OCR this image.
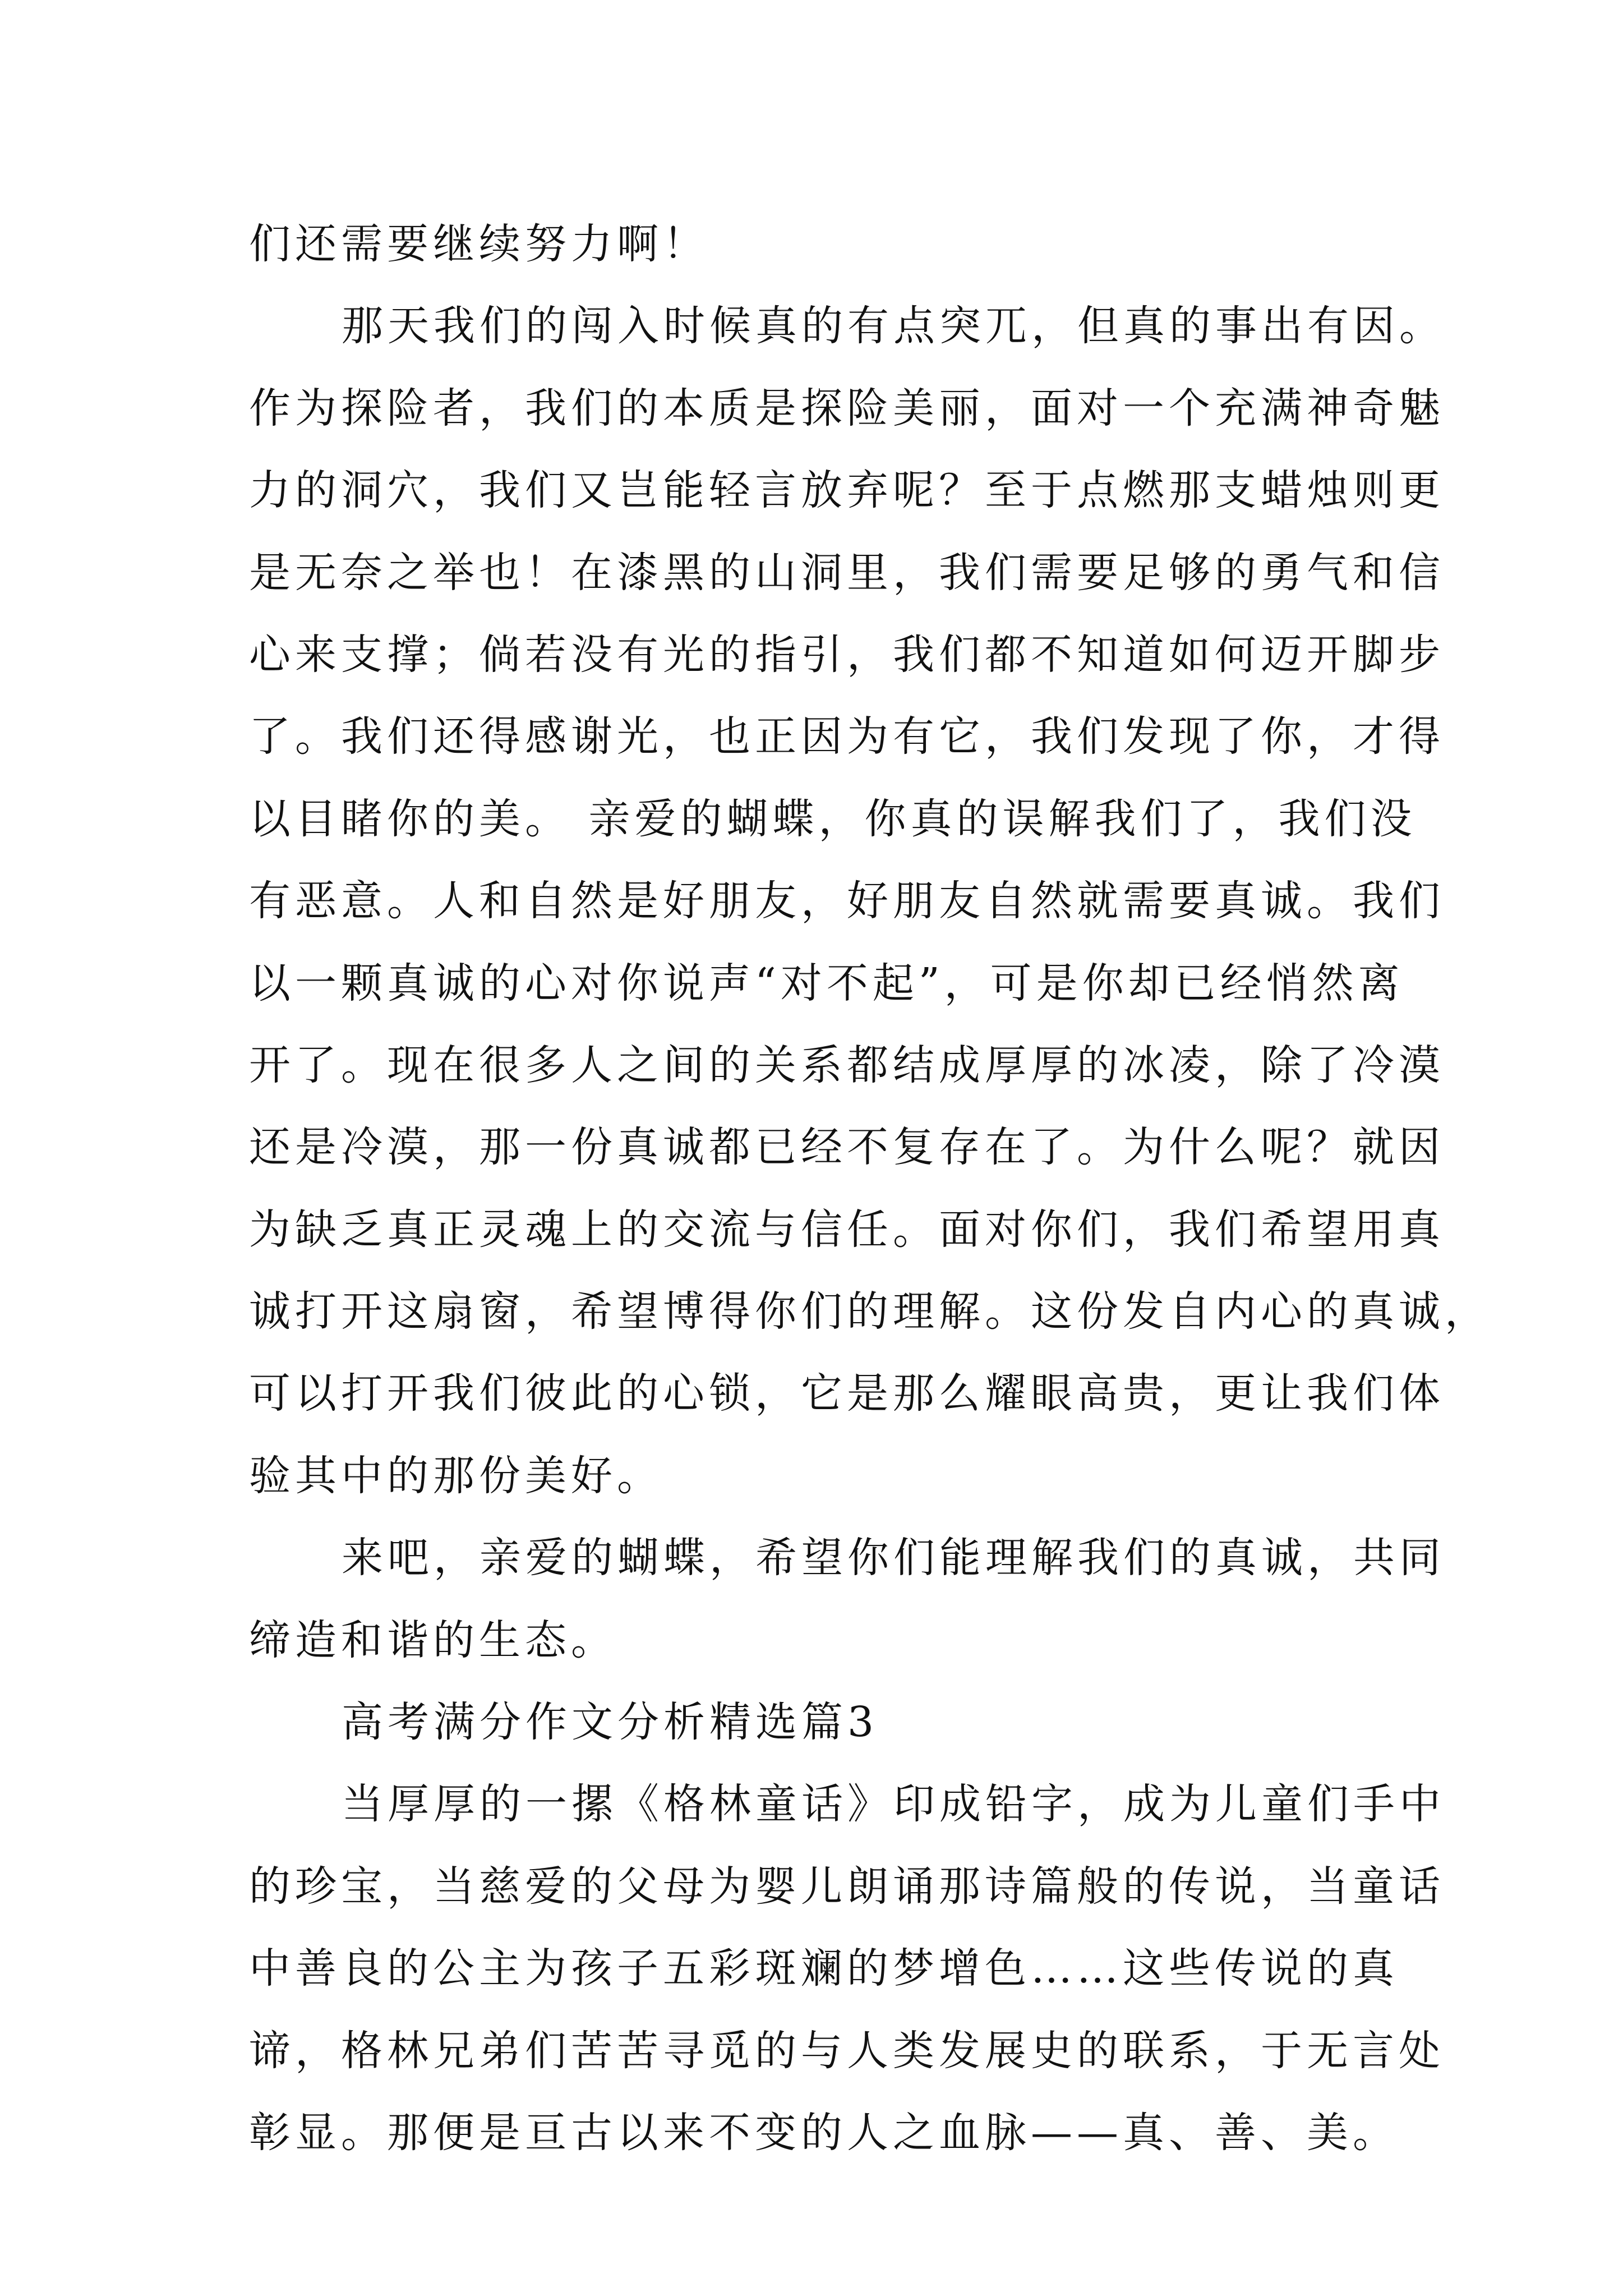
们还需要继续努力啊！
那天我们的闯入时候真的有点突兀，但真的事出有因。
作为探险者，我们的本质是探险美丽，面对一个充满神奇魅
力的洞穴，我们又岂能轻言放弃呢？至于点燃那支蜡烛则更
是无奈之举也！在漆黑的山洞里，我们需要足够的勇气和信
心来支撑；倘若没有光的指引，我们都不知道如何迈开脚步
了。我们还得感谢光，也正因为有它，我们发现了你，才得
以目睹你的美。 亲爱的蝴蝶，你真的误解我们了，我们没
有恶意。人和自然是好朋友，好朋友自然就需要真诚。我们
以一颗真诚的心对你说声“对不起”，可是你却已经悄然离
开了。现在很多人之间的关系都结成厚厚的冰凌，除了冷漠
还是冷漠，那一份真诚都已经不复存在了。为什么呢？就因
为缺乏真正灵魂上的交流与信任。面对你们，我们希望用真
诚打开这扇窗，希望博得你们的理解。这份发自内心的真诚，
可以打开我们彼此的心锁，它是那么耀眼高贵，更让我们体
验其中的那份美好。
来吧，亲爱的蝴蝶，希望你们能理解我们的真诚，共同
缔造和谐的生态。
高考满分作文分析精选篇3
当厚厚的一摞《格林童话》印成铅字，成为儿童们手中
的珍宝，当慈爱的父母为婴儿朗诵那诗篇般的传说，当童话
中善良的公主为孩子五彩斑斓的梦增色……这些传说的真
谛，格林兄弟们苦苦寻觅的与人类发展史的联系，于无言处
彰显。那便是亘古以来不变的人之血脉——真、善、美。
